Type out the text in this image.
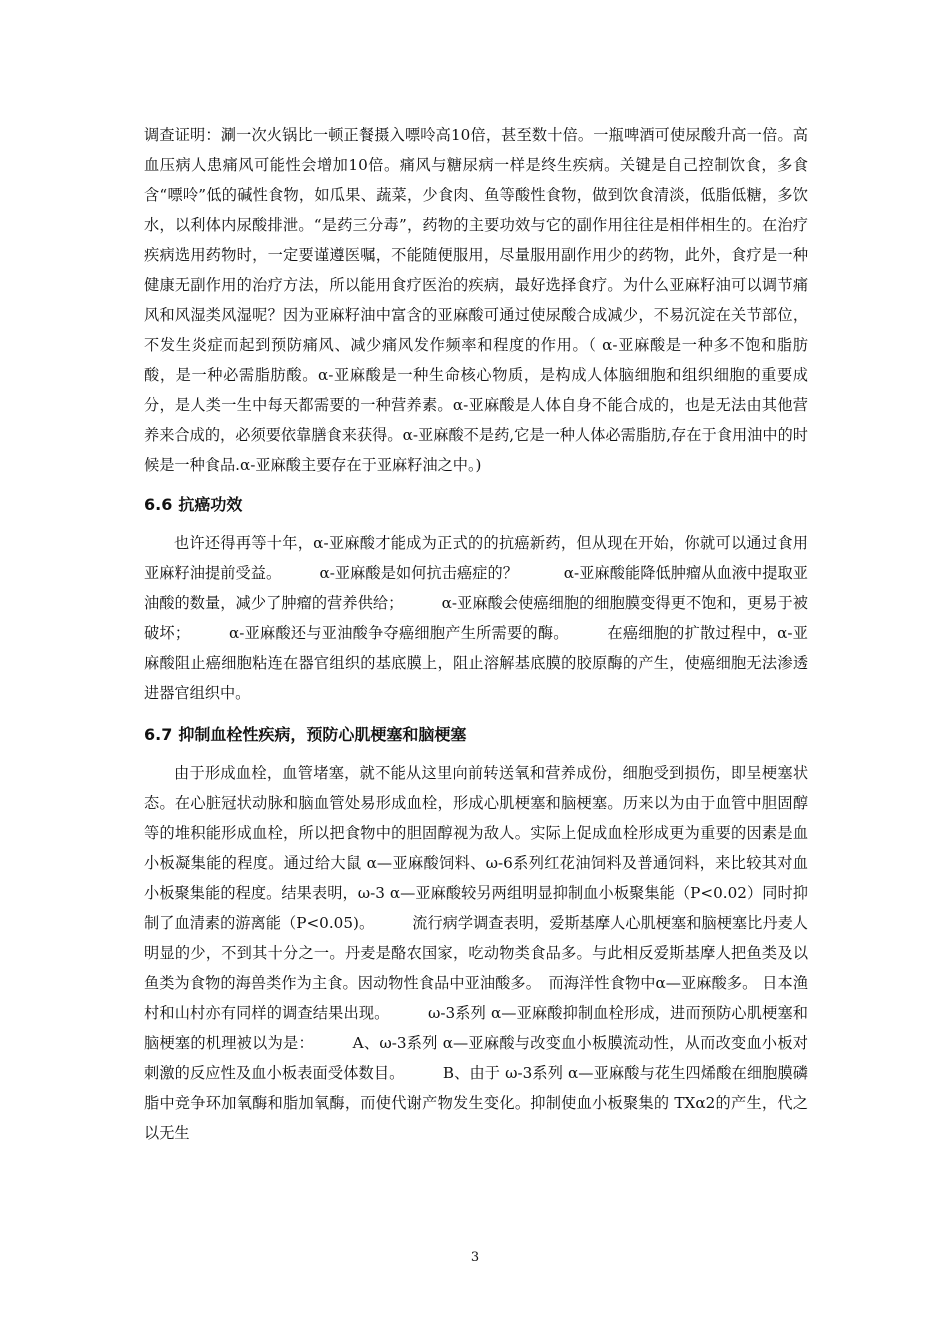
调查证明：涮一次火锅比一顿正餐摄入嘌呤高10倍，甚至数十倍。一瓶啤酒可使尿酸升高一倍。高血压病人患痛风可能性会增加10倍。痛风与糖尿病一样是终生疾病。关键是自己控制饮食，多食含“嘌呤”低的碱性食物，如瓜果、蔬菜，少食肉、鱼等酸性食物，做到饮食清淡，低脂低糖，多饮水，以利体内尿酸排泄。“是药三分毒”，药物的主要功效与它的副作用往往是相伴相生的。在治疗疾病选用药物时，一定要谨遵医嘱，不能随便服用，尽量服用副作用少的药物，此外，食疗是一种健康无副作用的治疗方法，所以能用食疗医治的疾病，最好选择食疗。为什么亚麻籽油可以调节痛风和风湿类风湿呢？因为亚麻籽油中富含的亚麻酸可通过使尿酸合成减少，不易沉淀在关节部位，不发生炎症而起到预防痛风、减少痛风发作频率和程度的作用。（ α-亚麻酸是一种多不饱和脂肪酸，是一种必需脂肪酸。α-亚麻酸是一种生命核心物质，是构成人体脑细胞和组织细胞的重要成分，是人类一生中每天都需要的一种营养素。α-亚麻酸是人体自身不能合成的，也是无法由其他营养来合成的，必须要依靠膳食来获得。α-亚麻酸不是药,它是一种人体必需脂肪,存在于食用油中的时候是一种食品.α-亚麻酸主要存在于亚麻籽油之中。)

6.6 抗癌功效

也许还得再等十年，α-亚麻酸才能成为正式的的抗癌新药，但从现在开始，你就可以通过食用亚麻籽油提前受益。　　　α-亚麻酸是如何抗击癌症的？　　　α-亚麻酸能降低肿瘤从血液中提取亚油酸的数量，减少了肿瘤的营养供给；　　　α-亚麻酸会使癌细胞的细胞膜变得更不饱和，更易于被破坏；　　　α-亚麻酸还与亚油酸争夺癌细胞产生所需要的酶。　　　在癌细胞的扩散过程中，α-亚麻酸阻止癌细胞粘连在器官组织的基底膜上，阻止溶解基底膜的胶原酶的产生，使癌细胞无法渗透进器官组织中。

6.7 抑制血栓性疾病，预防心肌梗塞和脑梗塞

由于形成血栓，血管堵塞，就不能从这里向前转送氧和营养成份，细胞受到损伤，即呈梗塞状态。在心脏冠状动脉和脑血管处易形成血栓，形成心肌梗塞和脑梗塞。历来以为由于血管中胆固醇等的堆积能形成血栓，所以把食物中的胆固醇视为敌人。实际上促成血栓形成更为重要的因素是血小板凝集能的程度。通过给大鼠 α—亚麻酸饲料、ω-6系列红花油饲料及普通饲料，来比较其对血小板聚集能的程度。结果表明，ω-3 α—亚麻酸较另两组明显抑制血小板聚集能（P<0.02）同时抑制了血清素的游离能（P<0.05)。　　　流行病学调查表明，爱斯基摩人心肌梗塞和脑梗塞比丹麦人明显的少，不到其十分之一。丹麦是酪农国家，吃动物类食品多。与此相反爱斯基摩人把鱼类及以鱼类为食物的海兽类作为主食。因动物性食品中亚油酸多。　而海洋性食物中α—亚麻酸多。 日本渔村和山村亦有同样的调查结果出现。　　　ω-3系列 α—亚麻酸抑制血栓形成，进而预防心肌梗塞和脑梗塞的机理被以为是：　　　A、ω-3系列 α—亚麻酸与改变血小板膜流动性，从而改变血小板对刺激的反应性及血小板表面受体数目。　　　B、由于 ω-3系列 α—亚麻酸与花生四烯酸在细胞膜磷脂中竞争环加氧酶和脂加氧酶，而使代谢产物发生变化。抑制使血小板聚集的 TXα2的产生，代之以无生

3
